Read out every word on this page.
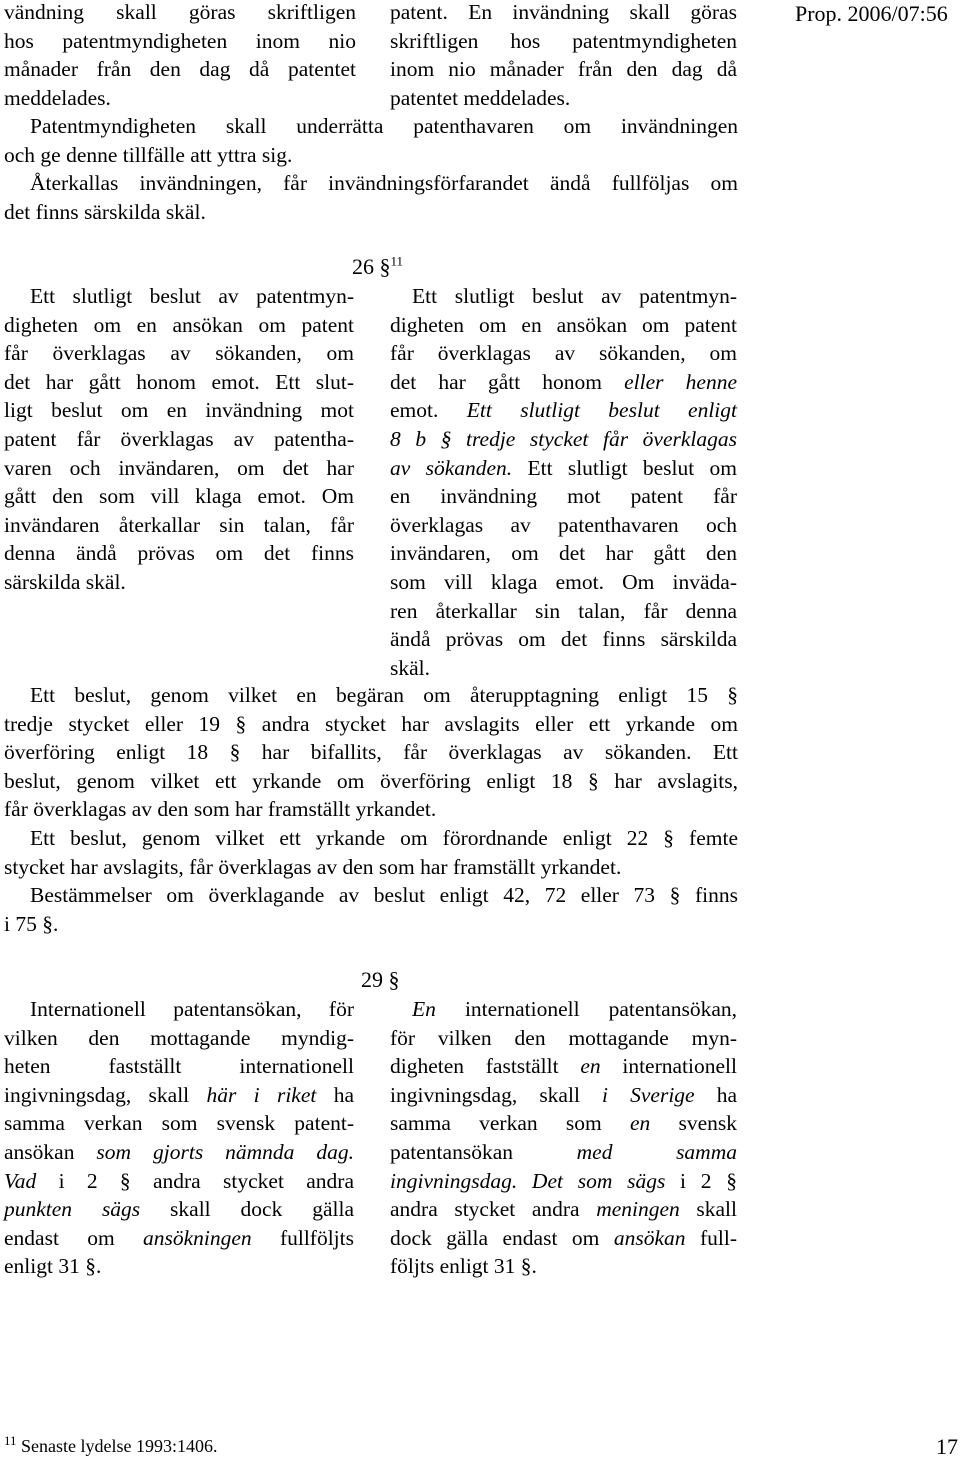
Prop. 2006/07:56
vändning skall göras skriftligen
hos patentmyndigheten inom nio
månader från den dag då patentet
meddelades.
patent. En invändning skall göras
skriftligen hos patentmyndigheten
inom nio månader från den dag då
patentet meddelades.
Patentmyndigheten skall underrätta patenthavaren om invändningen
och ge denne tillfälle att yttra sig.
Återkallas invändningen, får invändningsförfarandet ändå fullföljas om
det finns särskilda skäl.
26 §$^{11}$
Ett slutligt beslut av patentmyn-
digheten om en ansökan om patent
får överklagas av sökanden, om
det har gått honom emot. Ett slut-
ligt beslut om en invändning mot
patent får överklagas av patentha-
varen och invändaren, om det har
gått den som vill klaga emot. Om
invändaren återkallar sin talan, får
denna ändå prövas om det finns
särskilda skäl.
Ett slutligt beslut av patentmyn-
digheten om en ansökan om patent
får överklagas av sökanden, om
det har gått honom eller henne
emot. Ett slutligt beslut enligt
8 b § tredje stycket får överklagas
av sökanden. Ett slutligt beslut om
en invändning mot patent får
överklagas av patenthavaren och
invändaren, om det har gått den
som vill klaga emot. Om inväda-
ren återkallar sin talan, får denna
ändå prövas om det finns särskilda
skäl.
Ett beslut, genom vilket en begäran om återupptagning enligt 15 §
tredje stycket eller 19 § andra stycket har avslagits eller ett yrkande om
överföring enligt 18 § har bifallits, får överklagas av sökanden. Ett
beslut, genom vilket ett yrkande om överföring enligt 18 § har avslagits,
får överklagas av den som har framställt yrkandet.
Ett beslut, genom vilket ett yrkande om förordnande enligt 22 § femte
stycket har avslagits, får överklagas av den som har framställt yrkandet.
Bestämmelser om överklagande av beslut enligt 42, 72 eller 73 § finns
i 75 §.
29 §
Internationell patentansökan, för
vilken den mottagande myndig-
heten fastställt internationell
ingivningsdag, skall här i riket ha
samma verkan som svensk patent-
ansökan som gjorts nämnda dag.
Vad i 2 § andra stycket andra
punkten sägs skall dock gälla
endast om ansökningen fullföljts
enligt 31 §.
En internationell patentansökan,
för vilken den mottagande myn-
digheten fastställt en internationell
ingivningsdag, skall i Sverige ha
samma verkan som en svensk
patentansökan med samma
ingivningsdag. Det som sägs i 2 §
andra stycket andra meningen skall
dock gälla endast om ansökan full-
följts enligt 31 §.
$^{11}$ Senaste lydelse 1993:1406.	17
